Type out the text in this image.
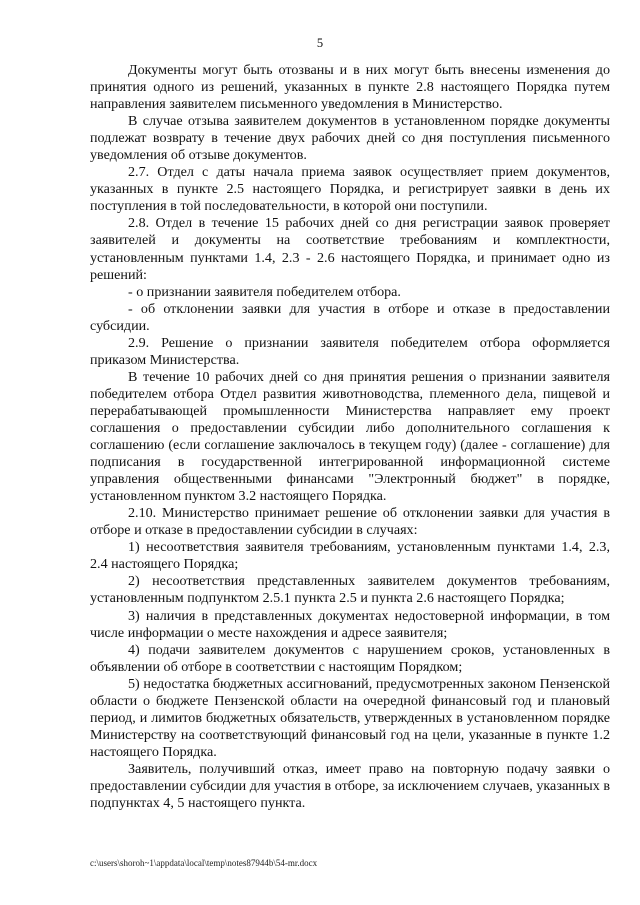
5

Документы могут быть отозваны и в них могут быть внесены изменения до принятия одного из решений, указанных в пункте 2.8 настоящего Порядка путем направления заявителем письменного уведомления в Министерство.

В случае отзыва заявителем документов в установленном порядке документы подлежат возврату в течение двух рабочих дней со дня поступления письменного уведомления об отзыве документов.

2.7. Отдел с даты начала приема заявок осуществляет прием документов, указанных в пункте 2.5 настоящего Порядка, и регистрирует заявки в день их поступления в той последовательности, в которой они поступили.

2.8. Отдел в течение 15 рабочих дней со дня регистрации заявок проверяет заявителей и документы на соответствие требованиям и комплектности, установленным пунктами 1.4, 2.3 - 2.6 настоящего Порядка, и принимает одно из решений:

- о признании заявителя победителем отбора.

- об отклонении заявки для участия в отборе и отказе в предоставлении субсидии.

2.9. Решение о признании заявителя победителем отбора оформляется приказом Министерства.

В течение 10 рабочих дней со дня принятия решения о признании заявителя победителем отбора Отдел развития животноводства, племенного дела, пищевой и перерабатывающей промышленности Министерства направляет ему проект соглашения о предоставлении субсидии либо дополнительного соглашения к соглашению (если соглашение заключалось в текущем году) (далее - соглашение) для подписания в государственной интегрированной информационной системе управления общественными финансами "Электронный бюджет" в порядке, установленном пунктом 3.2 настоящего Порядка.

2.10. Министерство принимает решение об отклонении заявки для участия в отборе и отказе в предоставлении субсидии в случаях:

1) несоответствия заявителя требованиям, установленным пунктами 1.4, 2.3, 2.4 настоящего Порядка;

2) несоответствия представленных заявителем документов требованиям, установленным подпунктом 2.5.1 пункта 2.5 и пункта 2.6 настоящего Порядка;

3) наличия в представленных документах недостоверной информации, в том числе информации о месте нахождения и адресе заявителя;

4) подачи заявителем документов с нарушением сроков, установленных в объявлении об отборе в соответствии с настоящим Порядком;

5) недостатка бюджетных ассигнований, предусмотренных законом Пензенской области о бюджете Пензенской области на очередной финансовый год и плановый период, и лимитов бюджетных обязательств, утвержденных в установленном порядке Министерству на соответствующий финансовый год на цели, указанные в пункте 1.2 настоящего Порядка.

Заявитель, получивший отказ, имеет право на повторную подачу заявки о предоставлении субсидии для участия в отборе, за исключением случаев, указанных в подпунктах 4, 5 настоящего пункта.

c:\users\shoroh~1\appdata\local\temp\notes87944b\54-mr.docx
